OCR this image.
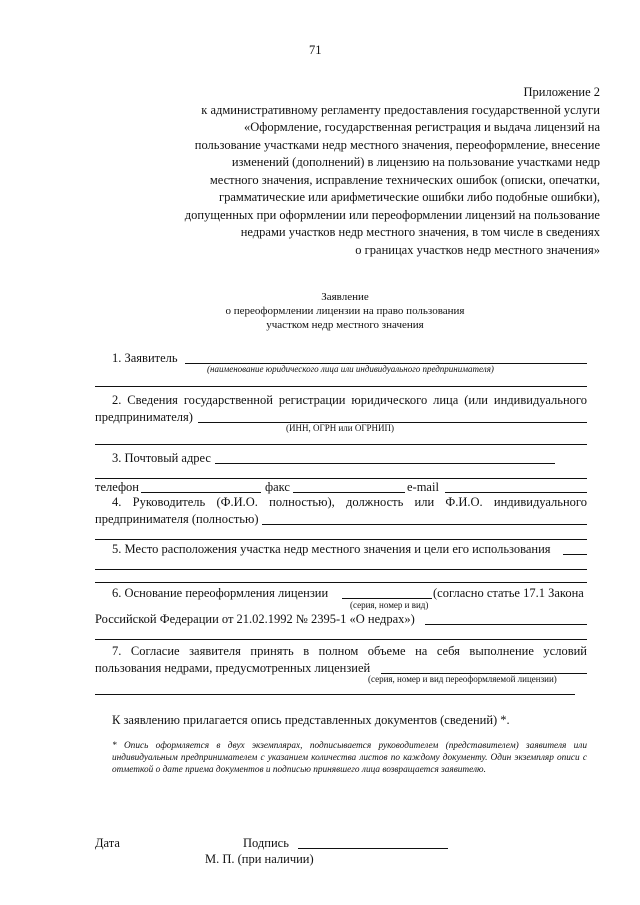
71
Приложение 2
к административному регламенту предоставления государственной услуги
«Оформление, государственная регистрация и выдача лицензий на
пользование участками недр местного значения, переоформление, внесение
изменений (дополнений) в лицензию на пользование участками недр
местного значения, исправление технических ошибок (описки, опечатки,
грамматические или арифметические ошибки либо подобные ошибки),
допущенных при оформлении или переоформлении лицензий на пользование
недрами участков недр местного значения, в том числе в сведениях
о границах участков недр местного значения»
Заявление
о переоформлении лицензии на право пользования
участком недр местного значения
1. Заявитель
(наименование юридического лица или индивидуального предпринимателя)
2. Сведения государственной регистрации юридического лица (или индивидуального
предпринимателя)
(ИНН, ОГРН или ОГРНИП)
3. Почтовый адрес
телефон	факс	e-mail
4. Руководитель (Ф.И.О. полностью), должность или Ф.И.О. индивидуального
предпринимателя (полностью)
5. Место расположения участка недр местного значения и цели его использования
6. Основание переоформления лицензии	(согласно статье 17.1 Закона
(серия, номер и вид)
Российской Федерации от 21.02.1992 № 2395-1 «О недрах»)
7. Согласие заявителя принять в полном объеме на себя выполнение условий
пользования недрами, предусмотренных лицензией
(серия, номер и вид переоформляемой лицензии)
К заявлению прилагается опись представленных документов (сведений) *.
* Опись оформляется в двух экземплярах, подписывается руководителем (представителем) заявителя или индивидуальным предпринимателем с указанием количества листов по каждому документу. Один экземпляр описи с отметкой о дате приема документов и подписью принявшего лица возвращается заявителю.
Дата	Подпись
М. П. (при наличии)
